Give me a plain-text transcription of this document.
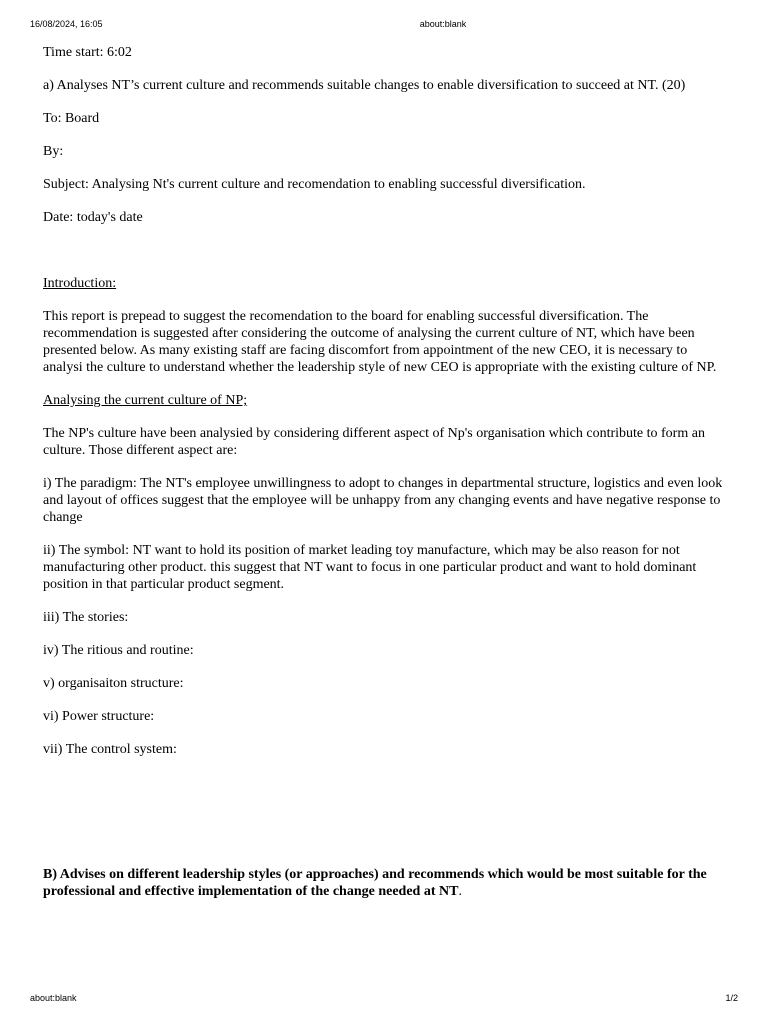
16/08/2024, 16:05	about:blank

Time start: 6:02

a) Analyses NT’s current culture and recommends suitable changes to enable diversification to succeed at NT. (20)

To: Board

By:

Subject: Analysing Nt's current culture and recomendation to enabling successful diversification.

Date: today's date

Introduction:

This report is prepead to suggest the recomendation to the board for enabling successful diversification. The recommendation is suggested after considering the outcome of analysing the current culture of NT, which have been presented below. As many existing staff are facing discomfort from appointment of the new CEO, it is necessary to analysi the culture to understand whether the leadership style of new CEO is appropriate with the existing culture of NP.

Analysing the current culture of NP;

The NP's culture have been analysied by considering different aspect of Np's organisation which contribute to form an culture. Those different aspect are:

i) The paradigm: The NT's employee unwillingness to adopt to changes in departmental structure, logistics and even look and layout of offices suggest that the employee will be unhappy from any changing events and have negative response to change

ii) The symbol: NT want to hold its position of market leading toy manufacture, which may be also reason for not manufacturing other product. this suggest that NT want to focus in one particular product and want to hold dominant position in that particular product segment.

iii) The stories:

iv) The ritious and routine:

v) organisaiton structure:

vi) Power structure:

vii) The control system:

B) Advises on different leadership styles (or approaches) and recommends which would be most suitable for the professional and effective implementation of the change needed at NT.

about:blank	1/2
